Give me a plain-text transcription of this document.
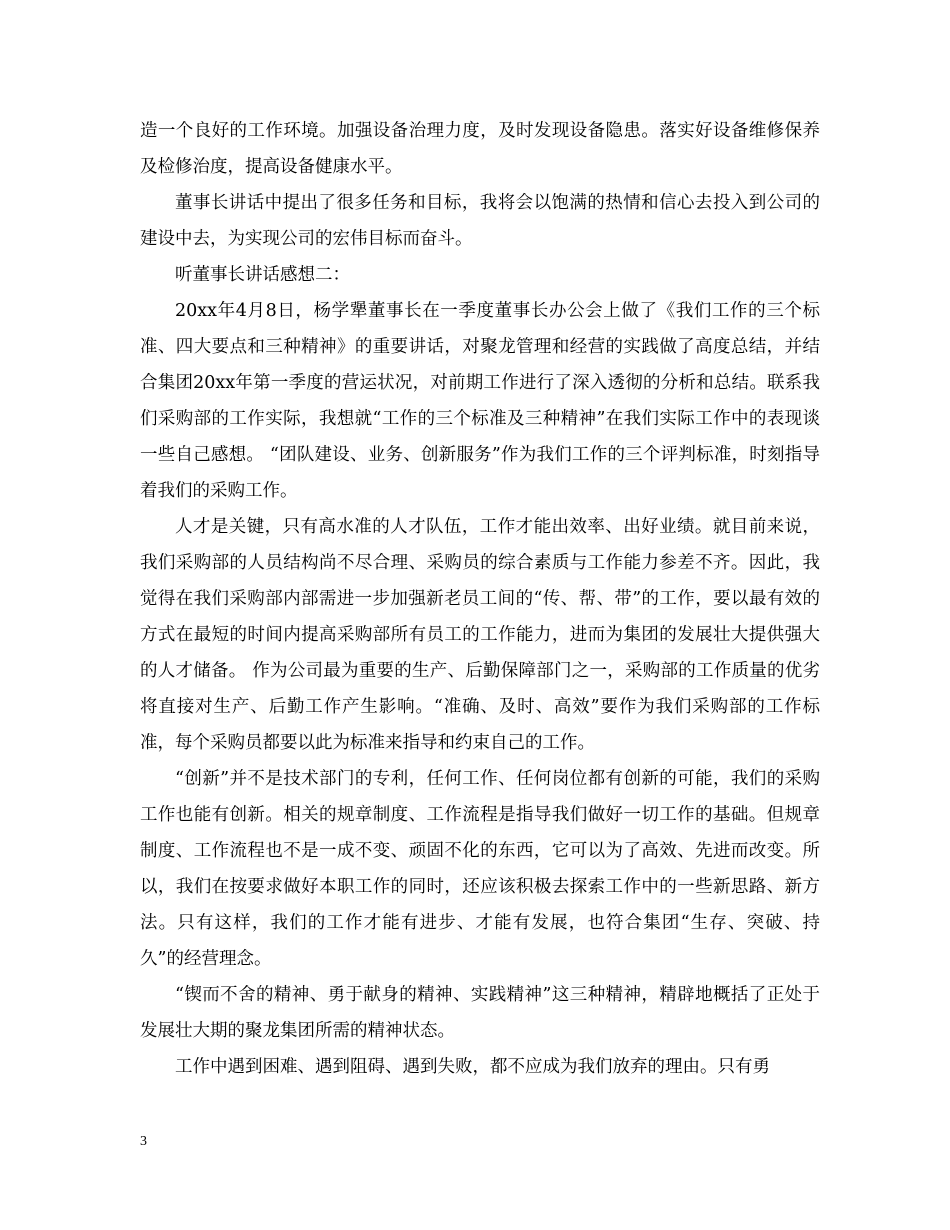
造一个良好的工作环境。加强设备治理力度，及时发现设备隐患。落实好设备维修保养及检修治度，提高设备健康水平。

董事长讲话中提出了很多任务和目标，我将会以饱满的热情和信心去投入到公司的建设中去，为实现公司的宏伟目标而奋斗。

听董事长讲话感想二：

20xx年4月8日，杨学犟董事长在一季度董事长办公会上做了《我们工作的三个标准、四大要点和三种精神》的重要讲话，对聚龙管理和经营的实践做了高度总结，并结合集团20xx年第一季度的营运状况，对前期工作进行了深入透彻的分析和总结。联系我们采购部的工作实际，我想就“工作的三个标准及三种精神”在我们实际工作中的表现谈一些自己感想。 “团队建设、业务、创新服务”作为我们工作的三个评判标准，时刻指导着我们的采购工作。

人才是关键，只有高水准的人才队伍，工作才能出效率、出好业绩。就目前来说，我们采购部的人员结构尚不尽合理、采购员的综合素质与工作能力参差不齐。因此，我觉得在我们采购部内部需进一步加强新老员工间的“传、帮、带”的工作，要以最有效的方式在最短的时间内提高采购部所有员工的工作能力，进而为集团的发展壮大提供强大的人才储备。 作为公司最为重要的生产、后勤保障部门之一，采购部的工作质量的优劣将直接对生产、后勤工作产生影响。“准确、及时、高效”要作为我们采购部的工作标准，每个采购员都要以此为标准来指导和约束自己的工作。

“创新”并不是技术部门的专利，任何工作、任何岗位都有创新的可能，我们的采购工作也能有创新。相关的规章制度、工作流程是指导我们做好一切工作的基础。但规章制度、工作流程也不是一成不变、顽固不化的东西，它可以为了高效、先进而改变。所以，我们在按要求做好本职工作的同时，还应该积极去探索工作中的一些新思路、新方法。只有这样，我们的工作才能有进步、才能有发展，也符合集团“生存、突破、持久”的经营理念。

“锲而不舍的精神、勇于献身的精神、实践精神”这三种精神，精辟地概括了正处于发展壮大期的聚龙集团所需的精神状态。

工作中遇到困难、遇到阻碍、遇到失败，都不应成为我们放弃的理由。只有勇

3
